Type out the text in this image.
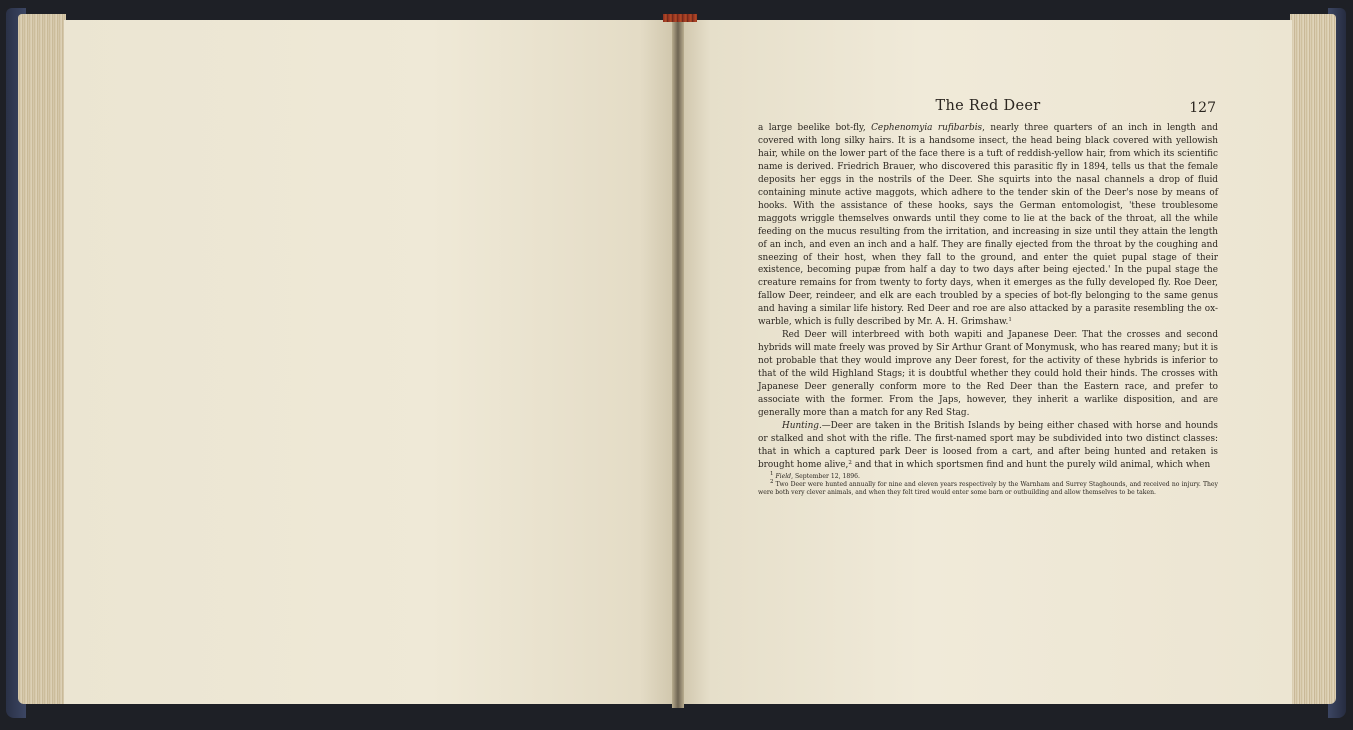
The Red Deer	127

a large beelike bot-fly, Cephenomyia rufibarbis, nearly three quarters of an inch in length and covered with long silky hairs. It is a handsome insect, the head being black covered with yellowish hair, while on the lower part of the face there is a tuft of reddish-yellow hair, from which its scientific name is derived. Friedrich Brauer, who discovered this parasitic fly in 1894, tells us that the female deposits her eggs in the nostrils of the Deer. She squirts into the nasal channels a drop of fluid containing minute active maggots, which adhere to the tender skin of the Deer's nose by means of hooks. With the assistance of these hooks, says the German entomologist, 'these troublesome maggots wriggle themselves onwards until they come to lie at the back of the throat, all the while feeding on the mucus resulting from the irritation, and increasing in size until they attain the length of an inch, and even an inch and a half. They are finally ejected from the throat by the coughing and sneezing of their host, when they fall to the ground, and enter the quiet pupal stage of their existence, becoming pupæ from half a day to two days after being ejected.' In the pupal stage the creature remains for from twenty to forty days, when it emerges as the fully developed fly. Roe Deer, fallow Deer, reindeer, and elk are each troubled by a species of bot-fly belonging to the same genus and having a similar life history. Red Deer and roe are also attacked by a parasite resembling the ox-warble, which is fully described by Mr. A. H. Grimshaw.$^1$

Red Deer will interbreed with both wapiti and Japanese Deer. That the crosses and second hybrids will mate freely was proved by Sir Arthur Grant of Monymusk, who has reared many; but it is not probable that they would improve any Deer forest, for the activity of these hybrids is inferior to that of the wild Highland Stags; it is doubtful whether they could hold their hinds. The crosses with Japanese Deer generally conform more to the Red Deer than the Eastern race, and prefer to associate with the former. From the Japs, however, they inherit a warlike disposition, and are generally more than a match for any Red Stag.

Hunting.—Deer are taken in the British Islands by being either chased with horse and hounds or stalked and shot with the rifle. The first-named sport may be subdivided into two distinct classes: that in which a captured park Deer is loosed from a cart, and after being hunted and retaken is brought home alive,$^2$ and that in which sportsmen find and hunt the purely wild animal, which when

$^1$ Field, September 12, 1896.

$^2$ Two Deer were hunted annually for nine and eleven years respectively by the Warnham and Surrey Staghounds, and received no injury. They were both very clever animals, and when they felt tired would enter some barn or outbuilding and allow themselves to be taken.
